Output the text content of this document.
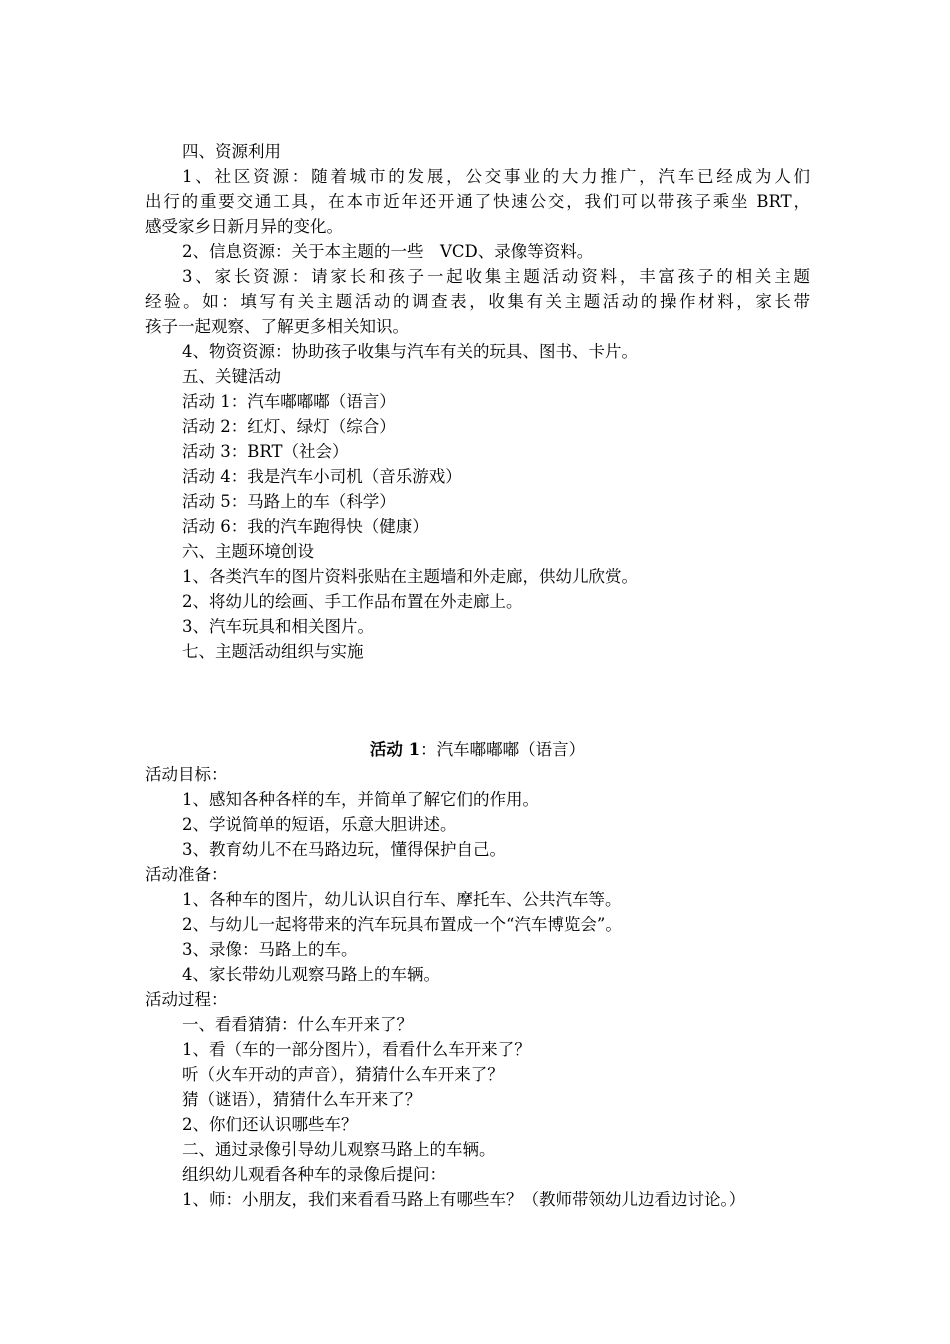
四、资源利用
1、社区资源：随着城市的发展，公交事业的大力推广，汽车已经成为人们
出行的重要交通工具，在本市近年还开通了快速公交，我们可以带孩子乘坐 BRT，
感受家乡日新月异的变化。
2、信息资源：关于本主题的一些　VCD、录像等资料。
3、家长资源：请家长和孩子一起收集主题活动资料，丰富孩子的相关主题
经验。如：填写有关主题活动的调查表，收集有关主题活动的操作材料，家长带
孩子一起观察、了解更多相关知识。
4、物资资源：协助孩子收集与汽车有关的玩具、图书、卡片。
五、关键活动
活动 1：汽车嘟嘟嘟（语言）
活动 2：红灯、绿灯（综合）
活动 3：BRT（社会）
活动 4：我是汽车小司机（音乐游戏）
活动 5：马路上的车（科学）
活动 6：我的汽车跑得快（健康）
六、主题环境创设
1、各类汽车的图片资料张贴在主题墙和外走廊，供幼儿欣赏。
2、将幼儿的绘画、手工作品布置在外走廊上。
3、汽车玩具和相关图片。
七、主题活动组织与实施
活动 1：汽车嘟嘟嘟（语言）
活动目标：
1、感知各种各样的车，并简单了解它们的作用。
2、学说简单的短语，乐意大胆讲述。
3、教育幼儿不在马路边玩，懂得保护自己。
活动准备：
1、各种车的图片，幼儿认识自行车、摩托车、公共汽车等。
2、与幼儿一起将带来的汽车玩具布置成一个“汽车博览会”。
3、录像：马路上的车。
4、家长带幼儿观察马路上的车辆。
活动过程：
一、看看猜猜：什么车开来了？
1、看（车的一部分图片），看看什么车开来了？
听（火车开动的声音），猜猜什么车开来了？
猜（谜语），猜猜什么车开来了？
2、你们还认识哪些车？
二、通过录像引导幼儿观察马路上的车辆。
组织幼儿观看各种车的录像后提问：
1、师：小朋友，我们来看看马路上有哪些车？（教师带领幼儿边看边讨论。）
